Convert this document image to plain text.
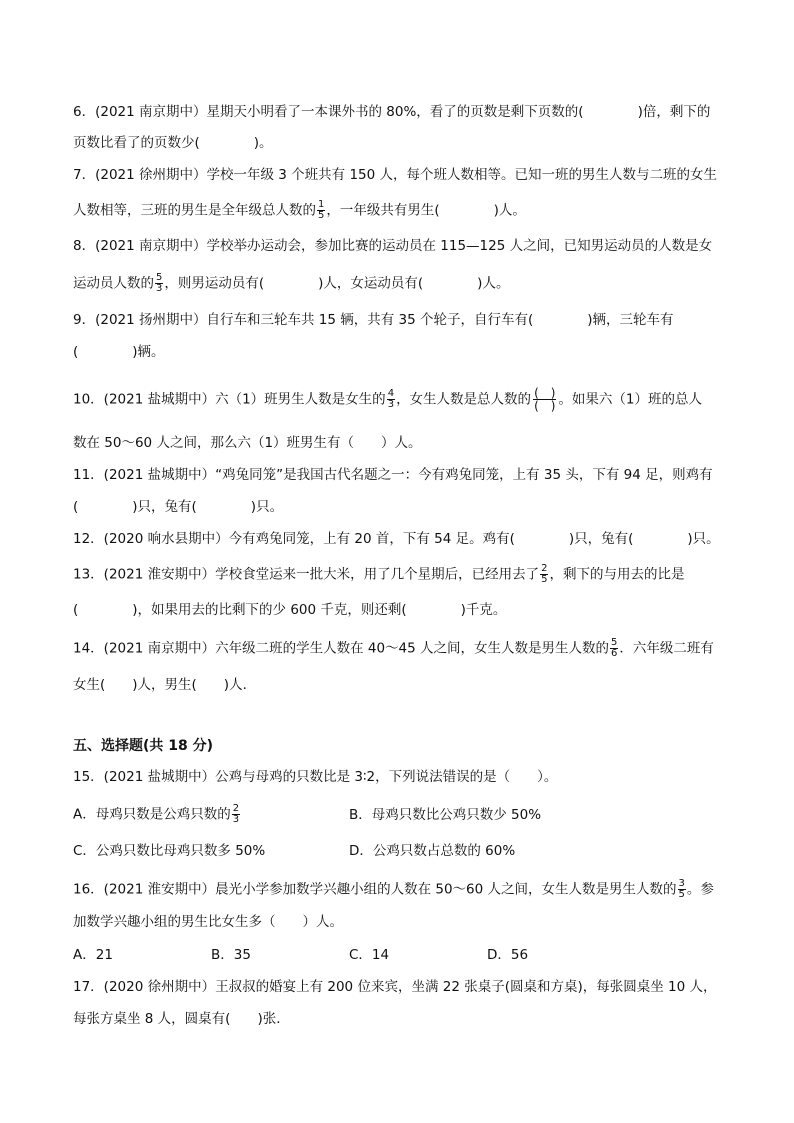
6．(2021 南京期中）星期天小明看了一本课外书的 80%，看了的页数是剩下页数的(　　　　)倍，剩下的
页数比看了的页数少(　　　　)。
7．(2021 徐州期中）学校一年级 3 个班共有 150 人，每个班人数相等。已知一班的男生人数与二班的女生
人数相等，三班的男生是全年级总人数的 $\frac{1}{5}$ ，一年级共有男生(　　　　)人。
8．(2021 南京期中）学校举办运动会，参加比赛的运动员在 115—125 人之间，已知男运动员的人数是女
运动员人数的 $\frac{5}{3}$ ，则男运动员有(　　　　)人，女运动员有(　　　　)人。
9．(2021 扬州期中）自行车和三轮车共 15 辆，共有 35 个轮子，自行车有(　　　　)辆，三轮车有
(　　　　)辆。
10．(2021 盐城期中）六（1）班男生人数是女生的 $\frac{4}{3}$ ，女生人数是总人数的 $\frac{( )}{( )}$ 。如果六（1）班的总人
数在 50～60 人之间，那么六（1）班男生有（　　）人。
11．(2021 盐城期中）“鸡兔同笼”是我国古代名题之一：今有鸡兔同笼，上有 35 头，下有 94 足，则鸡有
(　　　　)只，兔有(　　　　)只。
12．(2020 响水县期中）今有鸡兔同笼，上有 20 首，下有 54 足。鸡有(　　　　)只，兔有(　　　　)只。
13．(2021 淮安期中）学校食堂运来一批大米，用了几个星期后，已经用去了 $\frac{2}{5}$ ，剩下的与用去的比是
(　　　　)，如果用去的比剩下的少 600 千克，则还剩(　　　　)千克。
14．(2021 南京期中）六年级二班的学生人数在 40～45 人之间，女生人数是男生人数的 $\frac{5}{6}$ ．六年级二班有
女生(　　)人，男生(　　)人．
五、选择题(共 18 分)
15．(2021 盐城期中）公鸡与母鸡的只数比是 3∶2，下列说法错误的是（　　）。
A．母鸡只数是公鸡只数的 $\frac{2}{3}$	B．母鸡只数比公鸡只数少 50%
C．公鸡只数比母鸡只数多 50%	D．公鸡只数占总数的 60%
16．(2021 淮安期中）晨光小学参加数学兴趣小组的人数在 50～60 人之间，女生人数是男生人数的 $\frac{3}{5}$ 。参
加数学兴趣小组的男生比女生多（　　）人。
A．21	B．35	C．14	D．56
17．(2020 徐州期中）王叔叔的婚宴上有 200 位来宾，坐满 22 张桌子(圆桌和方桌)，每张圆桌坐 10 人，
每张方桌坐 8 人，圆桌有(　　)张．
